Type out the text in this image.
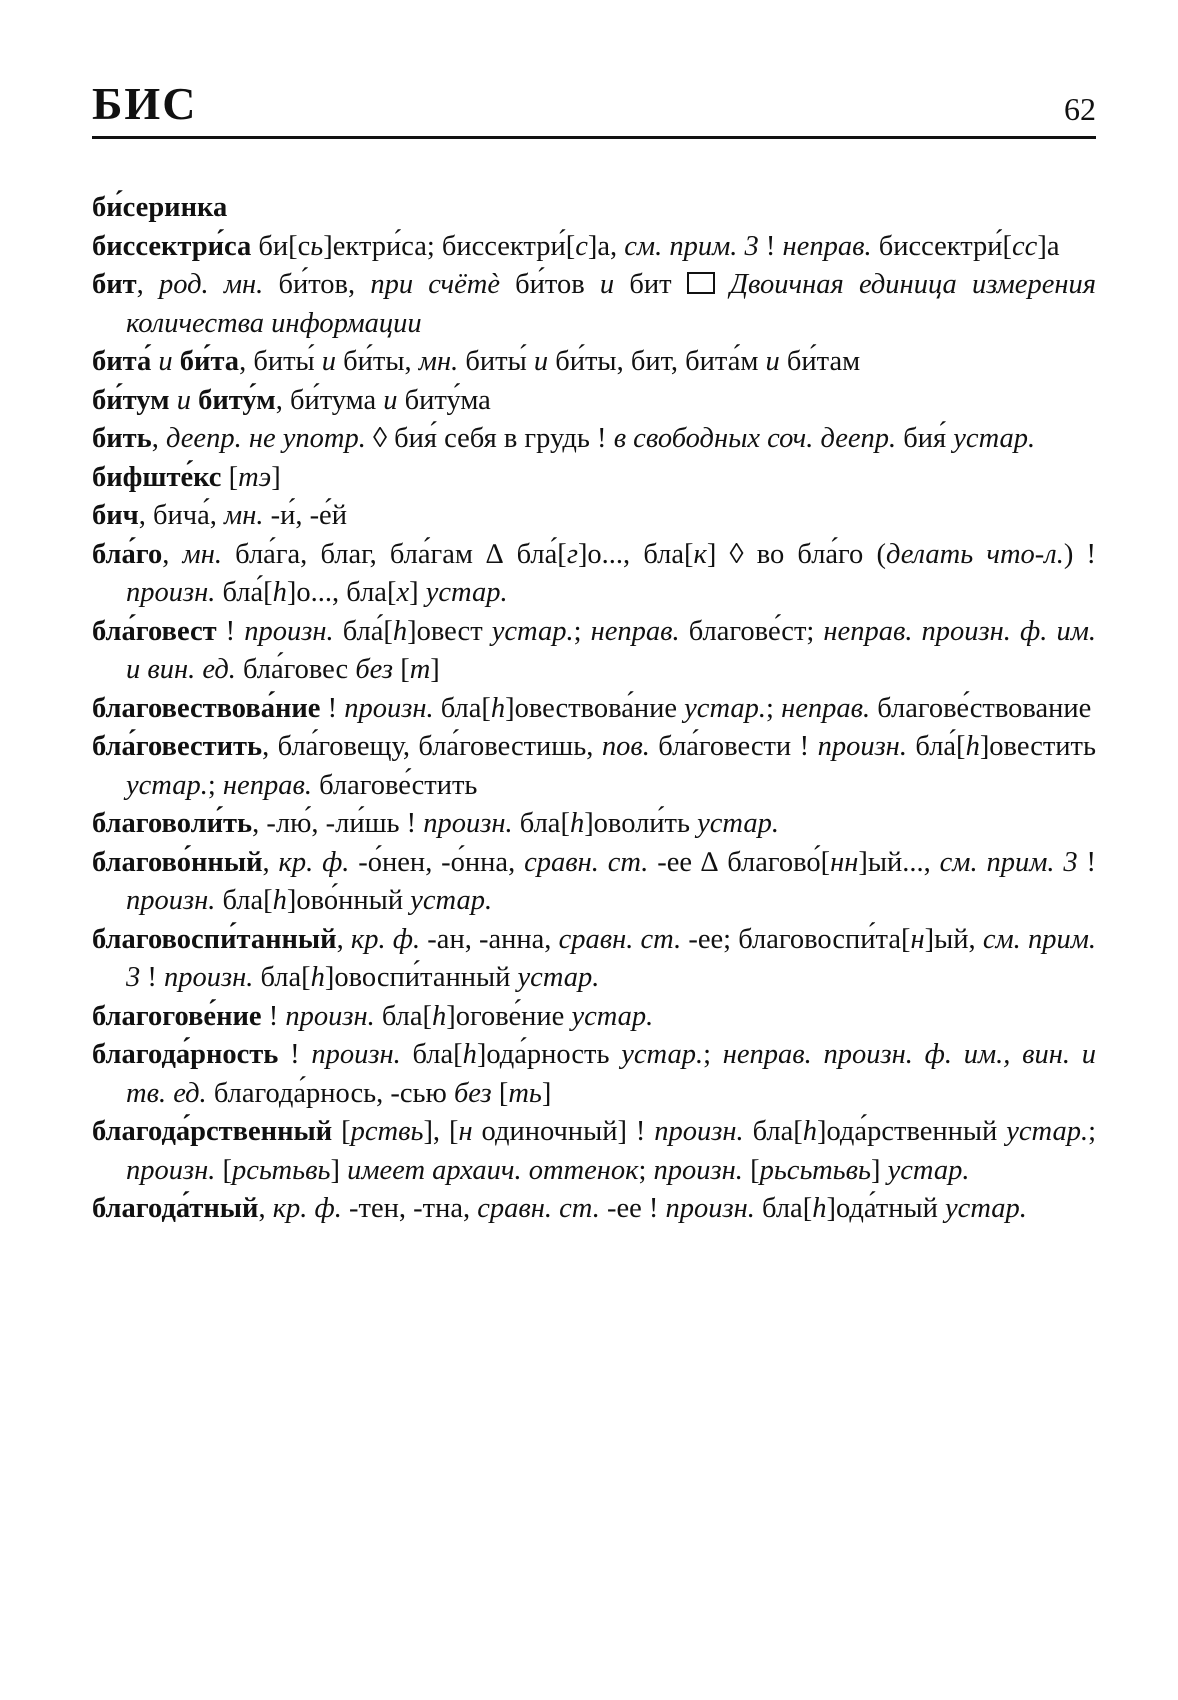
БИС	62
би́серинка
биссектри́са би[сь]ектри́са; биссектри́[с]а, см. прим. 3 ! неправ. биссектри́[сс]а
бит, род. мн. би́тов, при счётѐ би́тов и бит  Двоичная единица измерения количества информации
бита́ и би́та, биты́ и би́ты, мн. биты́ и би́ты, бит, бита́м и би́там
би́тум и биту́м, би́тума и биту́ма
бить, деепр. не употр. ◊ бия́ себя в грудь ! в свободных соч. деепр. бия́ устар.
бифште́кс [тэ]
бич, бича́, мн. -и́, -е́й
бла́го, мн. бла́га, благ, бла́гам ∆ бла́[г]о..., бла[к] ◊ во бла́го (делать что-л.) ! произн. бла́[h]о..., бла[х] устар.
бла́говест ! произн. бла́[h]овест устар.; неправ. благове́ст; неправ. произн. ф. им. и вин. ед. бла́говес без [т]
благовествова́ние ! произн. бла[h]овествова́ние устар.; неправ. благове́ствование
бла́говестить, бла́говещу, бла́говестишь, пов. бла́говести ! произн. бла́[h]овестить устар.; неправ. благове́стить
благоволи́ть, -лю́, -ли́шь ! произн. бла[h]оволи́ть устар.
благово́нный, кр. ф. -о́нен, -о́нна, сравн. ст. -ее ∆ благово́[нн]ый..., см. прим. 3 ! произн. бла[h]ово́нный устар.
благовоспи́танный, кр. ф. -ан, -анна, сравн. ст. -ее; благовоспи́та[н]ый, см. прим. 3 ! произн. бла[h]овоспи́танный устар.
благогове́ние ! произн. бла[h]огове́ние устар.
благода́рность ! произн. бла[h]ода́рность устар.; неправ. произн. ф. им., вин. и тв. ед. благода́рнось, -сью без [ть]
благода́рственный [рствь], [н одиночный] ! произн. бла[h]ода́рственный устар.; произн. [рсьтьвь] имеет архаич. оттенок; произн. [рьсьтьвь] устар.
благода́тный, кр. ф. -тен, -тна, сравн. ст. -ее ! произн. бла[h]ода́тный устар.
